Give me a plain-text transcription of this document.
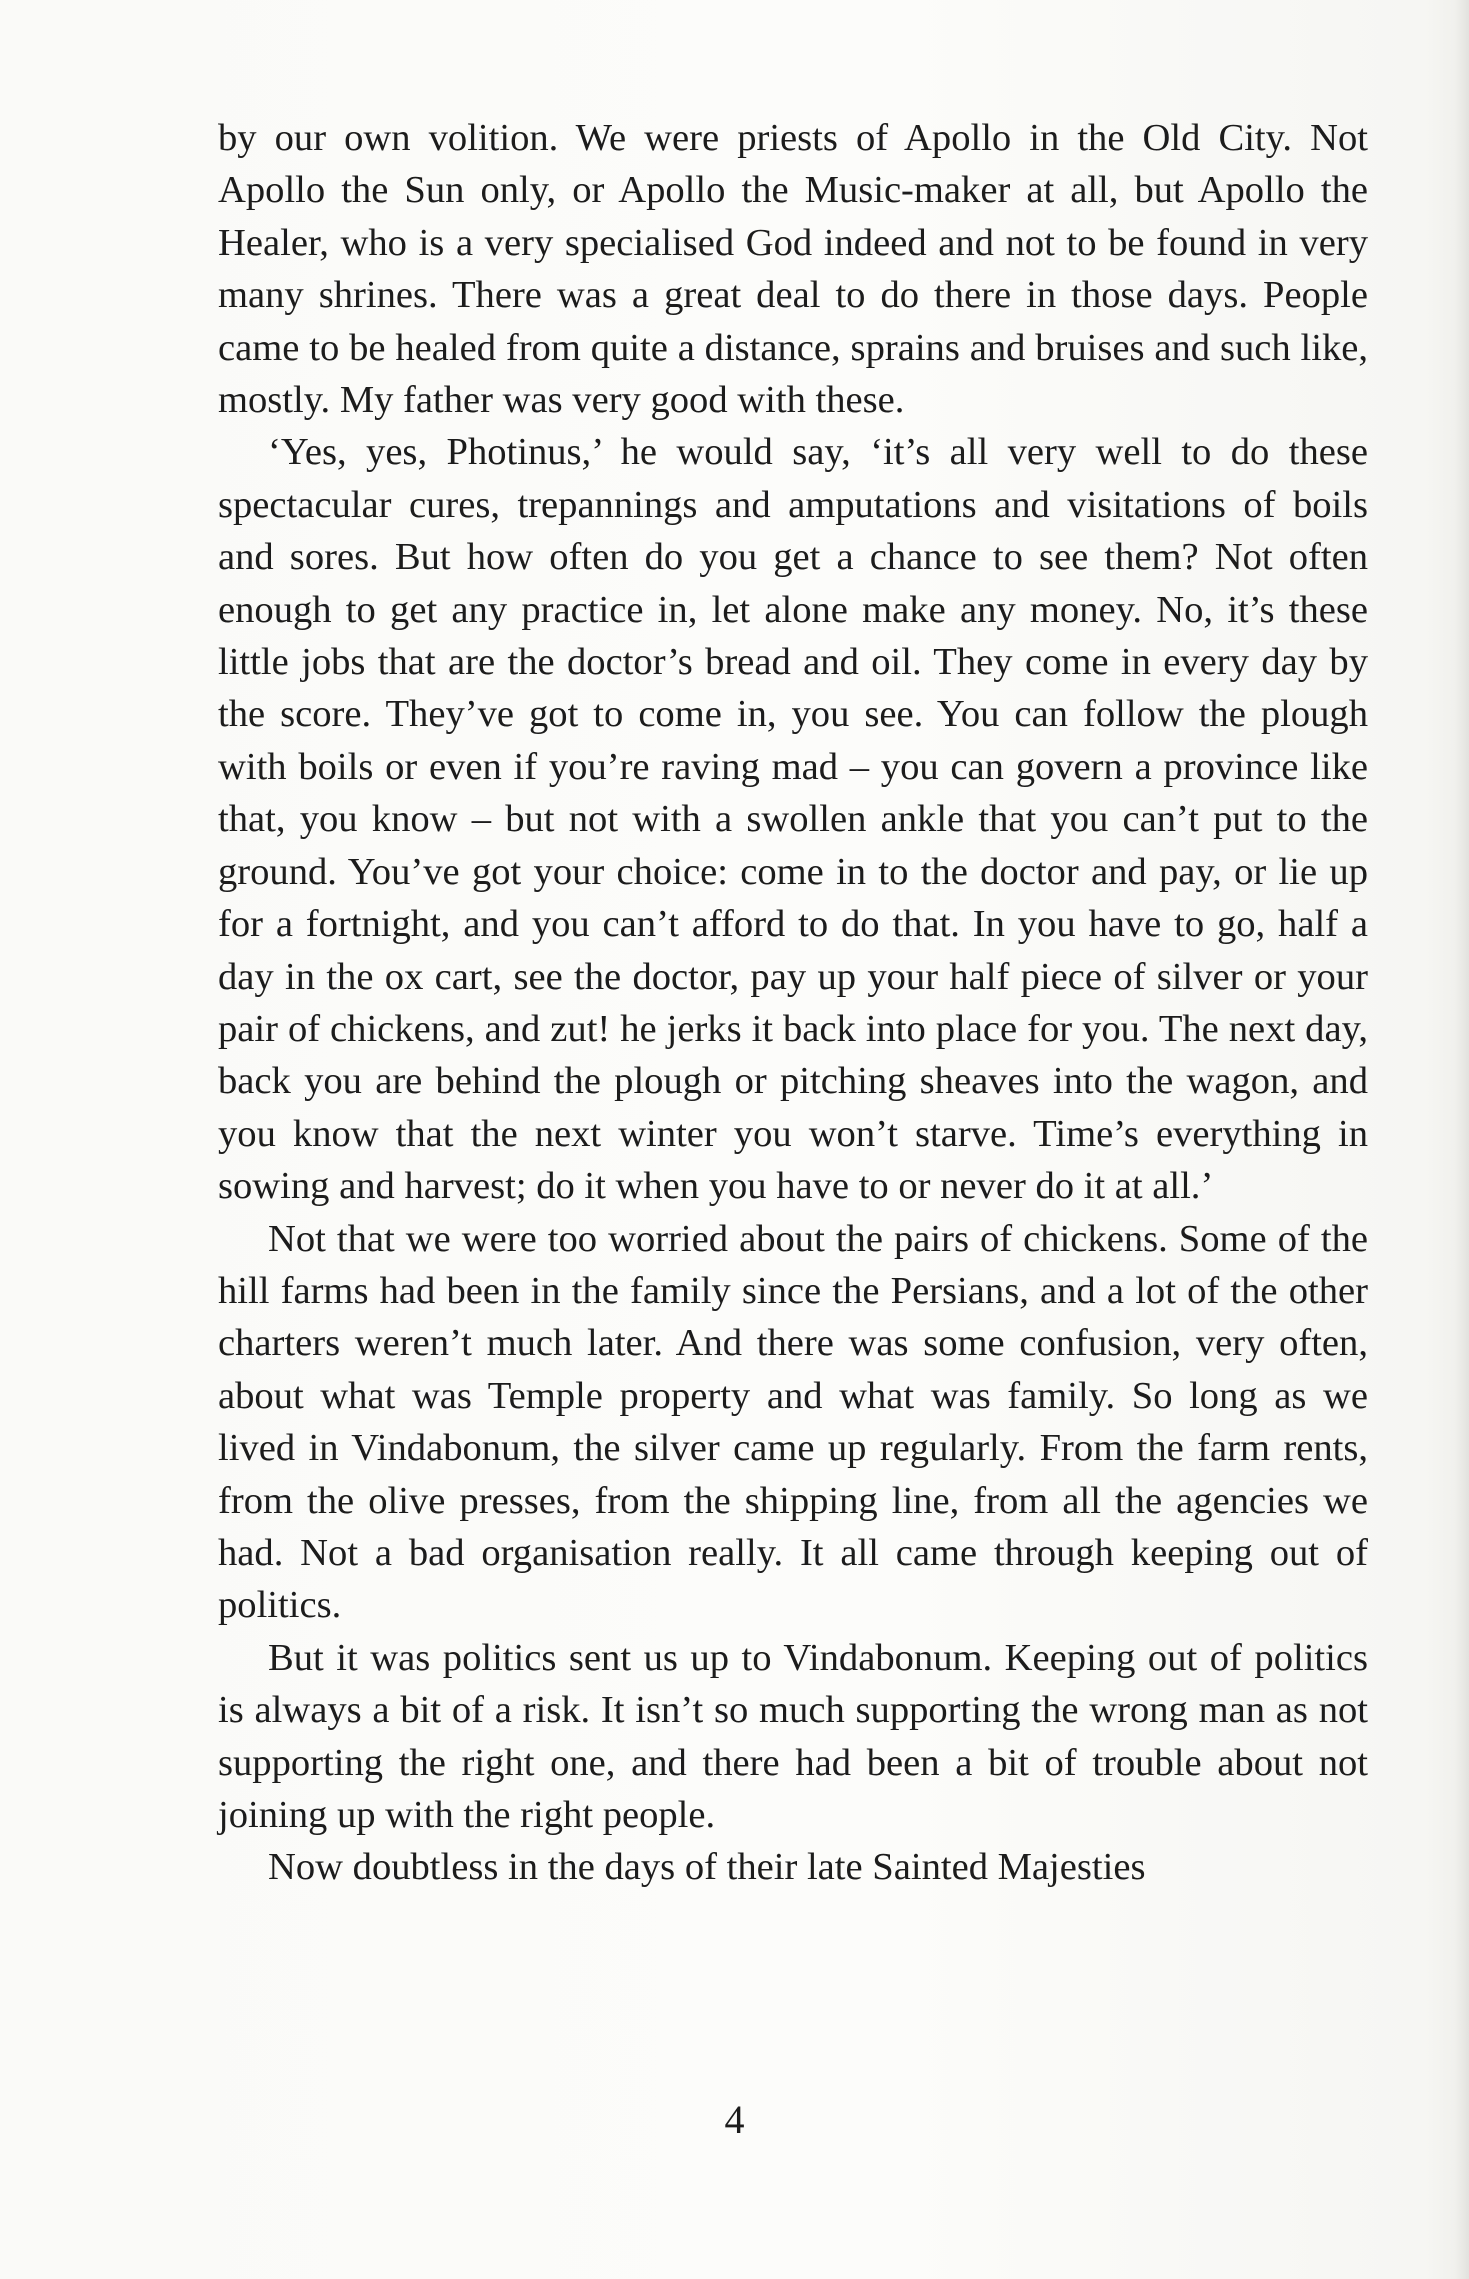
by our own volition. We were priests of Apollo in the Old City. Not Apollo the Sun only, or Apollo the Music-maker at all, but Apollo the Healer, who is a very specialised God indeed and not to be found in very many shrines. There was a great deal to do there in those days. People came to be healed from quite a distance, sprains and bruises and such like, mostly. My father was very good with these.

‘Yes, yes, Photinus,’ he would say, ‘it’s all very well to do these spectacular cures, trepannings and amputations and visitations of boils and sores. But how often do you get a chance to see them? Not often enough to get any practice in, let alone make any money. No, it’s these little jobs that are the doctor’s bread and oil. They come in every day by the score. They’ve got to come in, you see. You can follow the plough with boils or even if you’re raving mad – you can govern a province like that, you know – but not with a swollen ankle that you can’t put to the ground. You’ve got your choice: come in to the doctor and pay, or lie up for a fortnight, and you can’t afford to do that. In you have to go, half a day in the ox cart, see the doctor, pay up your half piece of silver or your pair of chickens, and zut! he jerks it back into place for you. The next day, back you are behind the plough or pitching sheaves into the wagon, and you know that the next winter you won’t starve. Time’s everything in sowing and harvest; do it when you have to or never do it at all.’

Not that we were too worried about the pairs of chickens. Some of the hill farms had been in the family since the Persians, and a lot of the other charters weren’t much later. And there was some confusion, very often, about what was Temple property and what was family. So long as we lived in Vindabonum, the silver came up regularly. From the farm rents, from the olive presses, from the shipping line, from all the agencies we had. Not a bad organisation really. It all came through keeping out of politics.

But it was politics sent us up to Vindabonum. Keeping out of politics is always a bit of a risk. It isn’t so much supporting the wrong man as not supporting the right one, and there had been a bit of trouble about not joining up with the right people.

Now doubtless in the days of their late Sainted Majesties

4
